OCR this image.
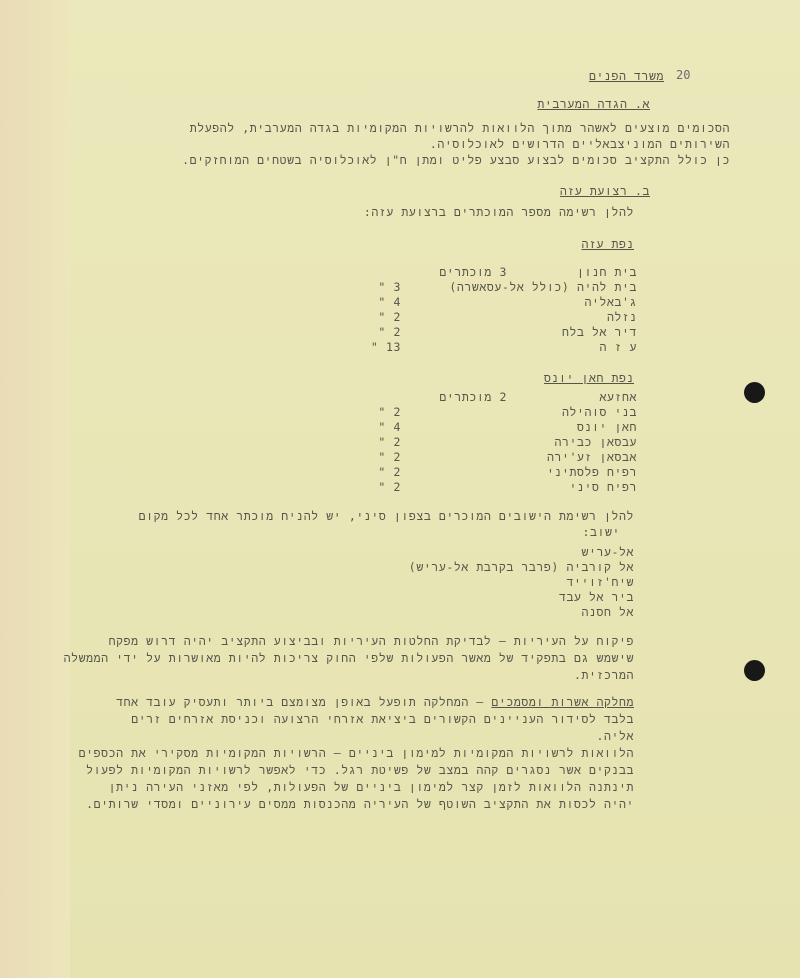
20
משרד הפנים
א. הגדה המערבית
הסכומים מוצעים לאשהר מתוך הלוואות להרשויות המקומיות בגדה המערבית, להפעלת
השירותים המוניצבאליים הדרושים לאוכלוסיה.
כן כולל התקציב סכומים לבצוע סבצע פליט ומתן ח"ן לאוכלוסיה בשטחים המוחזקים.
ב. רצועת עזה
להלן רשימה מספר המוכתרים ברצועת עזה:
נפת עזה
בית חנון
3 מוכתרים
בית להיה (כולל אל-עסאשרה)
3 "
ג'באליה
4 "
נזלה
2 "
דיר אל בלח
2 "
ע ז ה
13 "
נפת חאן יונס
אחזעא
2 מוכתרים
בני סוהילה
2 "
חאן יונס
4 "
עבסאן כבירה
2 "
אבסאן זע'ירה
2 "
רפיח פלסתיני
2 "
רפיח סיני
2 "
להלן רשימת הישובים המוכרים בצפון סיני, יש להניח מוכתר אחד לכל מקום
ישוב:
אל-עריש
אל קורביה (פרבר בקרבת אל-עריש)
שיח'זוייד
ביר אל עבד
אל חסנה
פיקוח על העיריות – לבדיקת החלטות העיריות ובביצוע התקציב יהיה דרוש מפקח
שישמש גם בתפקיד של מאשר הפעולות שלפי החוק צריכות להיות מאושרות על ידי הממשלה
המרכזית.
מחלקה אשרות ומסמכים – המחלקה תופעל באופן מצומצם ביותר ותעסיק עובד אחד
בלבד לסידור העניינים הקשורים ביציאת אזרחי הרצועה וכניסת אזרחים זרים
אליה.
הלוואות לרשויות המקומיות למימון ביניים – הרשויות המקומיות מסקירי את הכספים
בבנקים אשר נסגרים קהה במצב של פשיטת רגל. כדי לאפשר לרשויות המקומיות לפעול
תינתנה הלוואות לזמן קצר למימון ביניים של הפעולות, לפי מאזני העירה ניתן
יהיה לכסות את התקציב השוטף של העיריה מהכנסות ממסים עירוניים ומסדי שרותים.
